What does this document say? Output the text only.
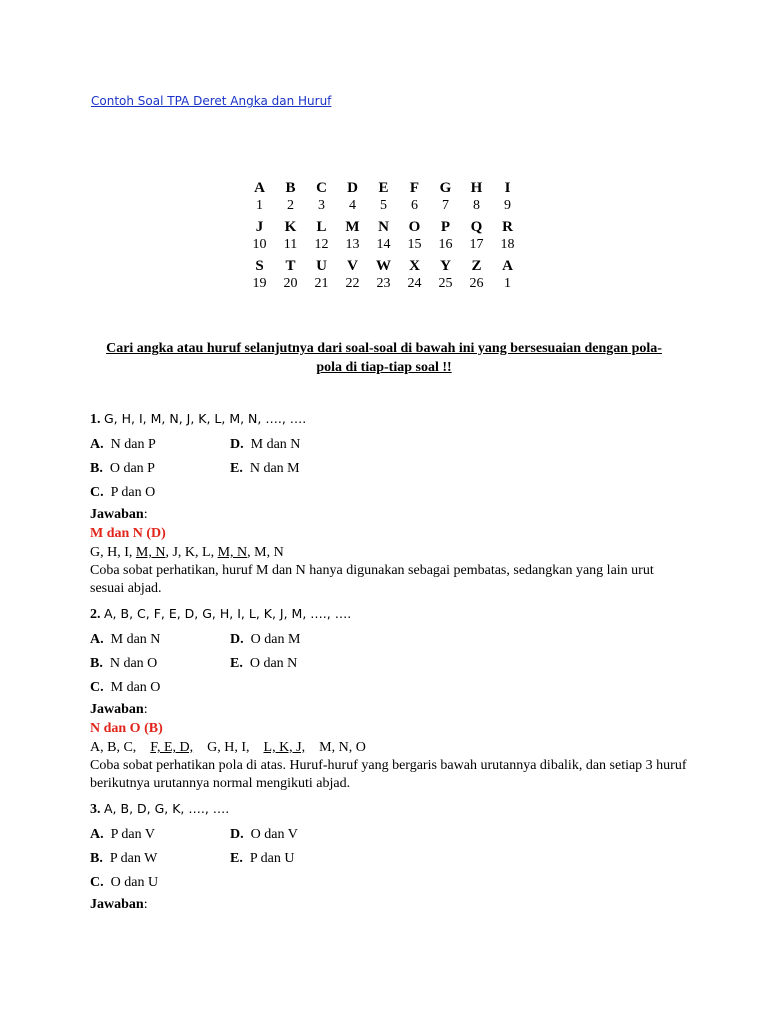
Contoh Soal TPA Deret Angka dan Huruf
A	B	C	D	E	F	G	H	I
1	2	3	4	5	6	7	8	9

J	K	L	M	N	O	P	Q	R
10	11	12	13	14	15	16	17	18

S	T	U	V	W	X	Y	Z	A
19	20	21	22	23	24	25	26	1
Cari angka atau huruf selanjutnya dari soal-soal di bawah ini yang bersesuaian dengan pola-pola di tiap-tiap soal !!
1. G, H, I, M, N, J, K, L, M, N, …., ….
A. N dan P	D. M dan N
B. O dan P	E. N dan M
C. P dan O
Jawaban:
M dan N (D)
G, H, I, M, N, J, K, L, M, N, M, N
Coba sobat perhatikan, huruf M dan N hanya digunakan sebagai pembatas, sedangkan yang lain urut sesuai abjad.
2. A, B, C, F, E, D, G, H, I, L, K, J, M, …., ….
A. M dan N	D. O dan M
B. N dan O	E. O dan N
C. M dan O
Jawaban:
N dan O (B)
A, B, C, F, E, D, G, H, I, L, K, J, M, N, O
Coba sobat perhatikan pola di atas. Huruf-huruf yang bergaris bawah urutannya dibalik, dan setiap 3 huruf berikutnya urutannya normal mengikuti abjad.
3. A, B, D, G, K, …., ….
A. P dan V	D. O dan V
B. P dan W	E. P dan U
C. O dan U
Jawaban:
